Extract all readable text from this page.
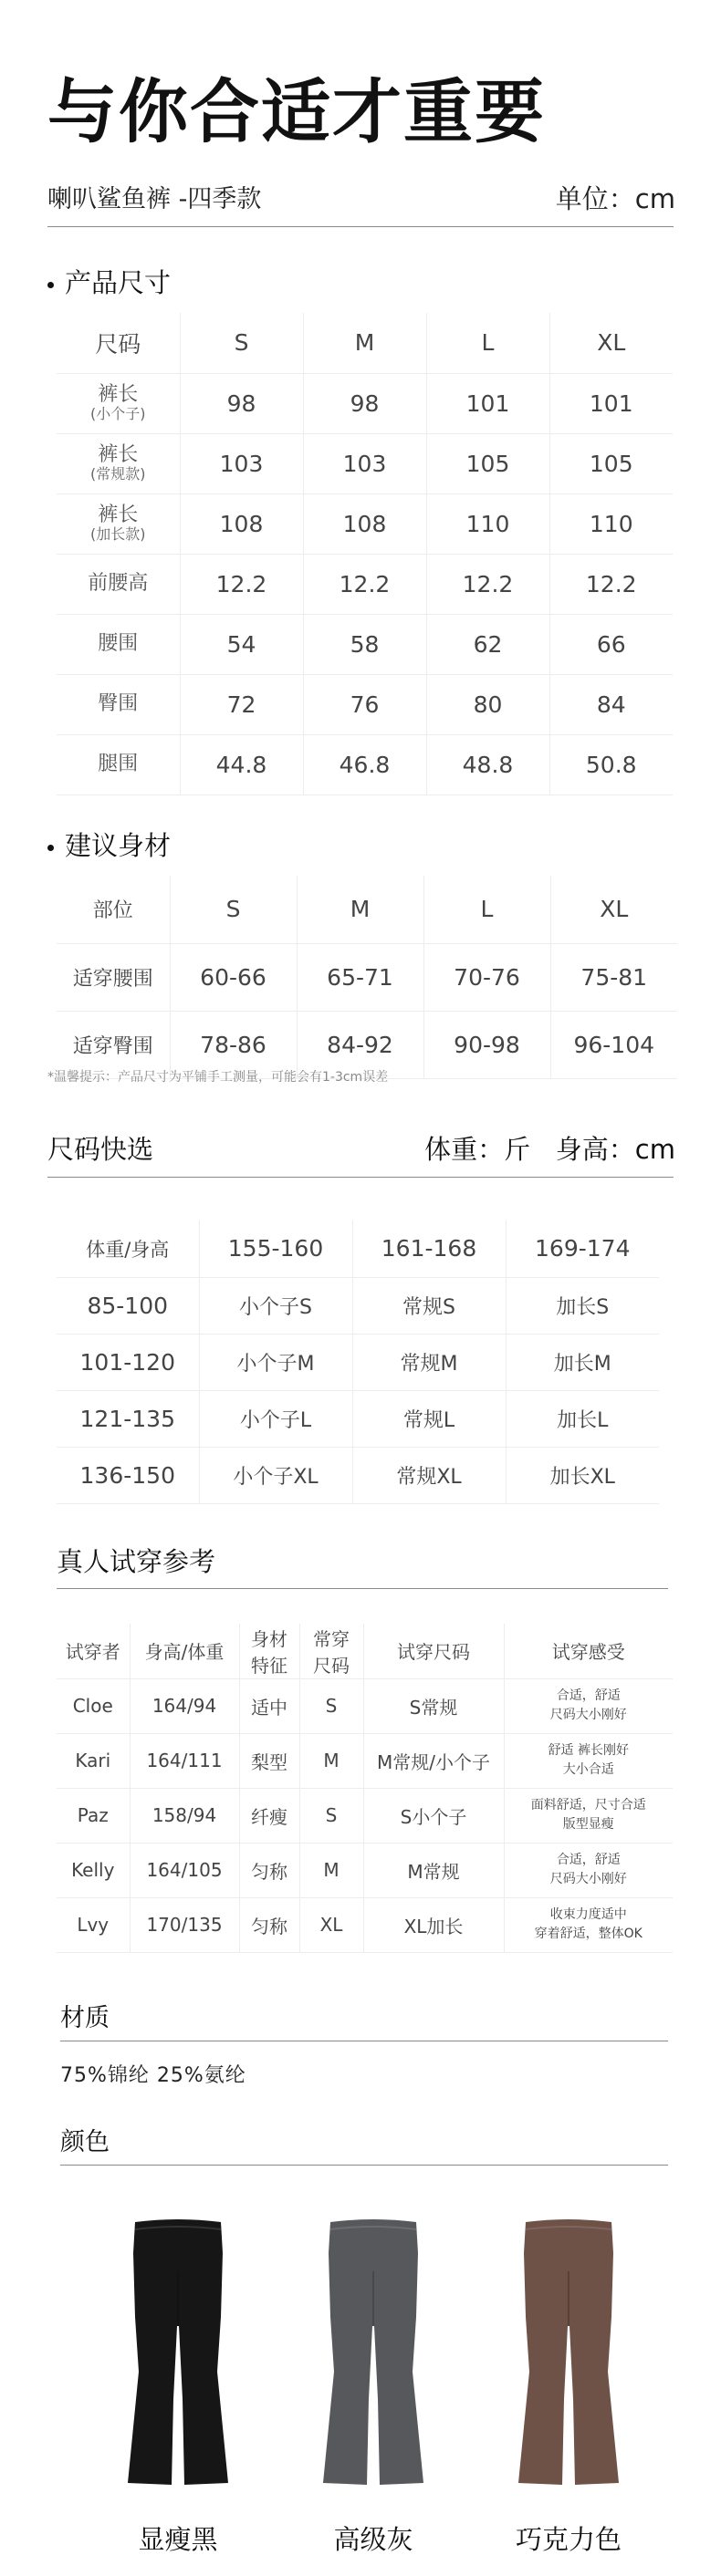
与你合适才重要
喇叭鲨鱼裤 -四季款	单位：cm
产品尺寸
尺码	S	M	L	XL
裤长
(小个子)	98	98	101	101
裤长
(常规款)	103	103	105	105
裤长
(加长款)	108	108	110	110
前腰高	12.2	12.2	12.2	12.2
腰围	54	58	62	66
臀围	72	76	80	84
腿围	44.8	46.8	48.8	50.8
建议身材
部位	S	M	L	XL
适穿腰围	60-66	65-71	70-76	75-81
适穿臀围	78-86	84-92	90-98	96-104
*温馨提示：产品尺寸为平铺手工测量，可能会有1-3cm误差
尺码快选	体重：斤   身高：cm
体重/身高	155-160	161-168	169-174
85-100	小个子S	常规S	加长S
101-120	小个子M	常规M	加长M
121-135	小个子L	常规L	加长L
136-150	小个子XL	常规XL	加长XL
真人试穿参考
试穿者	身高/体重	身材特征	常穿尺码	试穿尺码	试穿感受
Cloe	164/94	适中	S	S常规	合适，舒适
尺码大小刚好

Kari	164/111	梨型	M	M常规/小个子	舒适 裤长刚好
大小合适

Paz	158/94	纤瘦	S	S小个子	面料舒适，尺寸合适
版型显瘦

Kelly	164/105	匀称	M	M常规	合适，舒适
尺码大小刚好

Lvy	170/135	匀称	XL	XL加长	收束力度适中
穿着舒适，整体OK
材质
75%锦纶 25%氨纶
颜色
显瘦黑	高级灰	巧克力色
